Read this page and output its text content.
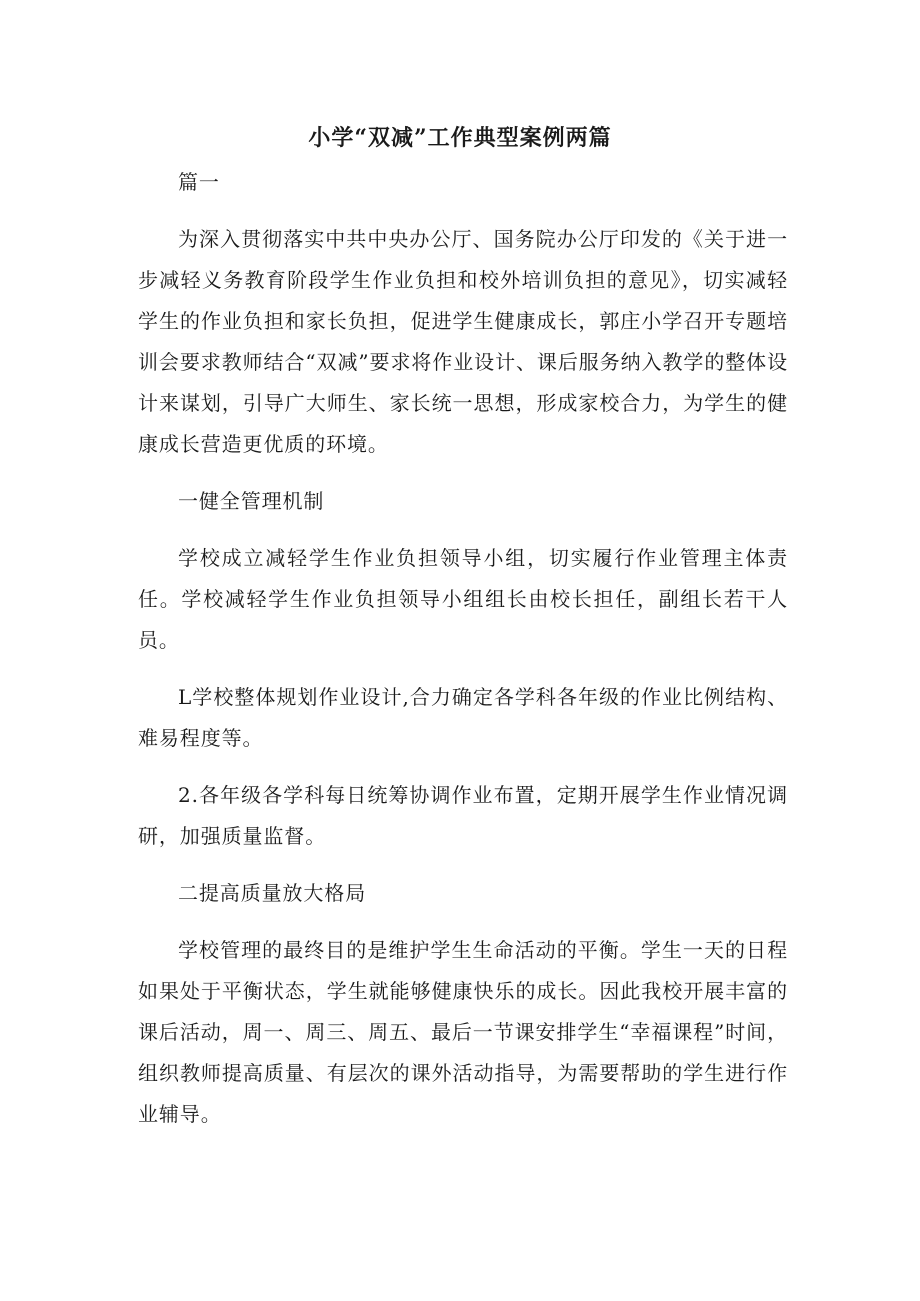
小学“双减”工作典型案例两篇

篇一

为深入贯彻落实中共中央办公厅、国务院办公厅印发的《关于进一步减轻义务教育阶段学生作业负担和校外培训负担的意见》，切实减轻学生的作业负担和家长负担，促进学生健康成长，郭庄小学召开专题培训会要求教师结合“双减”要求将作业设计、课后服务纳入教学的整体设计来谋划，引导广大师生、家长统一思想，形成家校合力，为学生的健康成长营造更优质的环境。

一健全管理机制

学校成立减轻学生作业负担领导小组，切实履行作业管理主体责任。学校减轻学生作业负担领导小组组长由校长担任，副组长若干人员。

L学校整体规划作业设计,合力确定各学科各年级的作业比例结构、难易程度等。

2.各年级各学科每日统筹协调作业布置，定期开展学生作业情况调研，加强质量监督。

二提高质量放大格局

学校管理的最终目的是维护学生生命活动的平衡。学生一天的日程如果处于平衡状态，学生就能够健康快乐的成长。因此我校开展丰富的课后活动，周一、周三、周五、最后一节课安排学生“幸福课程”时间，组织教师提高质量、有层次的课外活动指导，为需要帮助的学生进行作业辅导。
